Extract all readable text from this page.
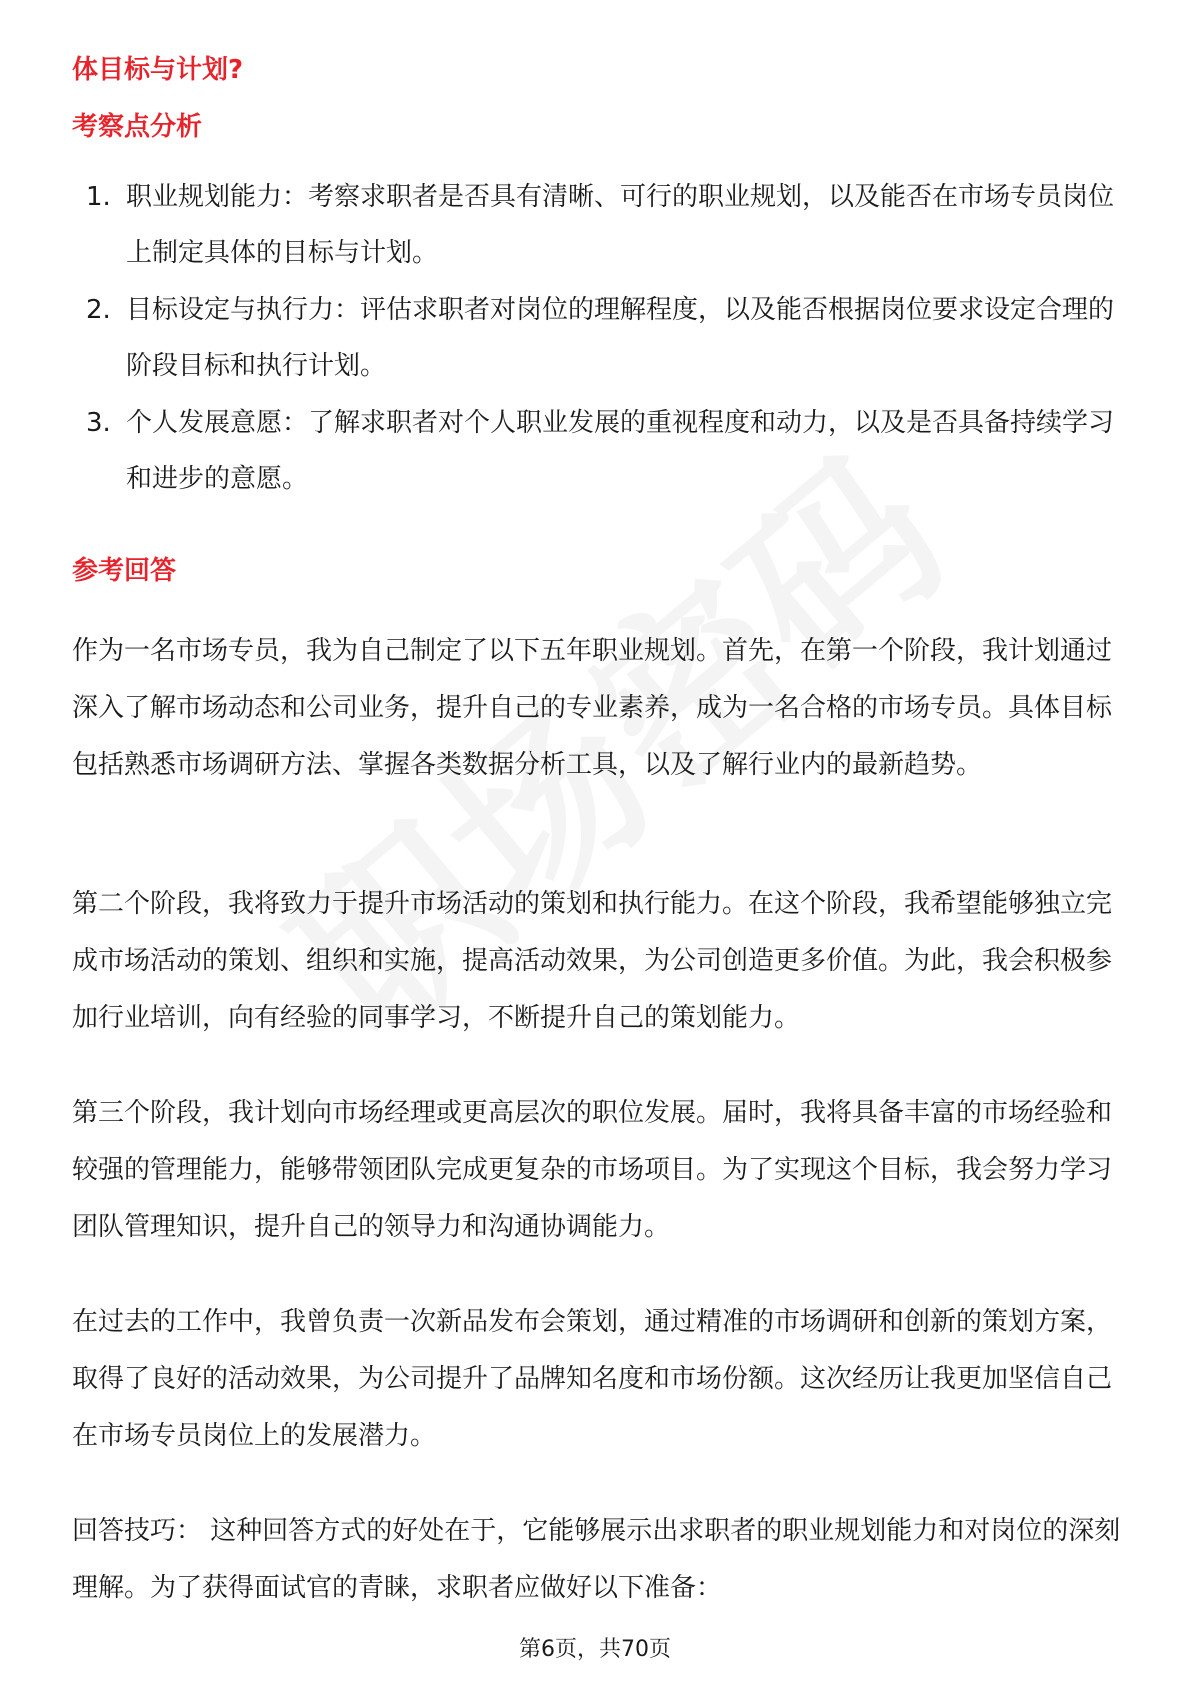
体目标与计划?
考察点分析
1. 职业规划能力：考察求职者是否具有清晰、可行的职业规划，以及能否在市场专员岗位上制定具体的目标与计划。
2. 目标设定与执行力：评估求职者对岗位的理解程度，以及能否根据岗位要求设定合理的阶段目标和执行计划。
3. 个人发展意愿：了解求职者对个人职业发展的重视程度和动力，以及是否具备持续学习和进步的意愿。
参考回答

作为一名市场专员，我为自己制定了以下五年职业规划。首先，在第一个阶段，我计划通过深入了解市场动态和公司业务，提升自己的专业素养，成为一名合格的市场专员。具体目标包括熟悉市场调研方法、掌握各类数据分析工具，以及了解行业内的最新趋势。

第二个阶段，我将致力于提升市场活动的策划和执行能力。在这个阶段，我希望能够独立完成市场活动的策划、组织和实施，提高活动效果，为公司创造更多价值。为此，我会积极参加行业培训，向有经验的同事学习，不断提升自己的策划能力。

第三个阶段，我计划向市场经理或更高层次的职位发展。届时，我将具备丰富的市场经验和较强的管理能力，能够带领团队完成更复杂的市场项目。为了实现这个目标，我会努力学习团队管理知识，提升自己的领导力和沟通协调能力。

在过去的工作中，我曾负责一次新品发布会策划，通过精准的市场调研和创新的策划方案，取得了良好的活动效果，为公司提升了品牌知名度和市场份额。这次经历让我更加坚信自己在市场专员岗位上的发展潜力。

回答技巧： 这种回答方式的好处在于，它能够展示出求职者的职业规划能力和对岗位的深刻理解。为了获得面试官的青睐，求职者应做好以下准备：

第6页，共70页
